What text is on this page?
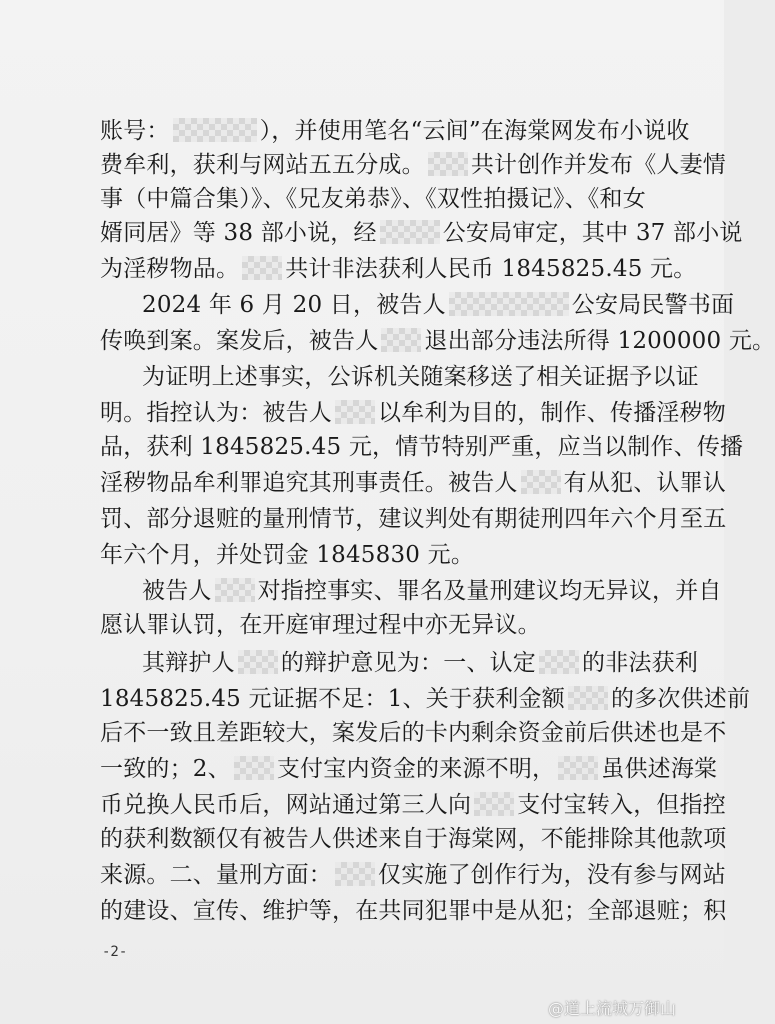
账号：	），并使用笔名“云间”在海棠网发布小说收
费牟利，获利与网站五五分成。 共计创作并发布《人妻情
事（中篇合集）》、《兄友弟恭》、《双性拍摄记》、《和女
婿同居》等 38 部小说，经	公安局审定，其中 37 部小说
为淫秽物品。 共计非法获利人民币 1845825.45 元。
2024 年 6 月 20 日，被告人	公安局民警书面
传唤到案。案发后，被告人 退出部分违法所得 1200000 元。
为证明上述事实，公诉机关随案移送了相关证据予以证
明。指控认为：被告人 以牟利为目的，制作、传播淫秽物
品，获利 1845825.45 元，情节特别严重，应当以制作、传播
淫秽物品牟利罪追究其刑事责任。被告人 有从犯、认罪认
罚、部分退赃的量刑情节，建议判处有期徒刑四年六个月至五
年六个月，并处罚金 1845830 元。
被告人 对指控事实、罪名及量刑建议均无异议，并自
愿认罪认罚，在开庭审理过程中亦无异议。
其辩护人 的辩护意见为：一、认定 的非法获利
1845825.45 元证据不足：1、关于获利金额 的多次供述前
后不一致且差距较大，案发后的卡内剩余资金前后供述也是不
一致的；2、 支付宝内资金的来源不明， 虽供述海棠
币兑换人民币后，网站通过第三人向 支付宝转入，但指控
的获利数额仅有被告人供述来自于海棠网，不能排除其他款项
来源。二、量刑方面： 仅实施了创作行为，没有参与网站
的建设、宣传、维护等，在共同犯罪中是从犯；全部退赃；积
-2-
@道上流城万御山
